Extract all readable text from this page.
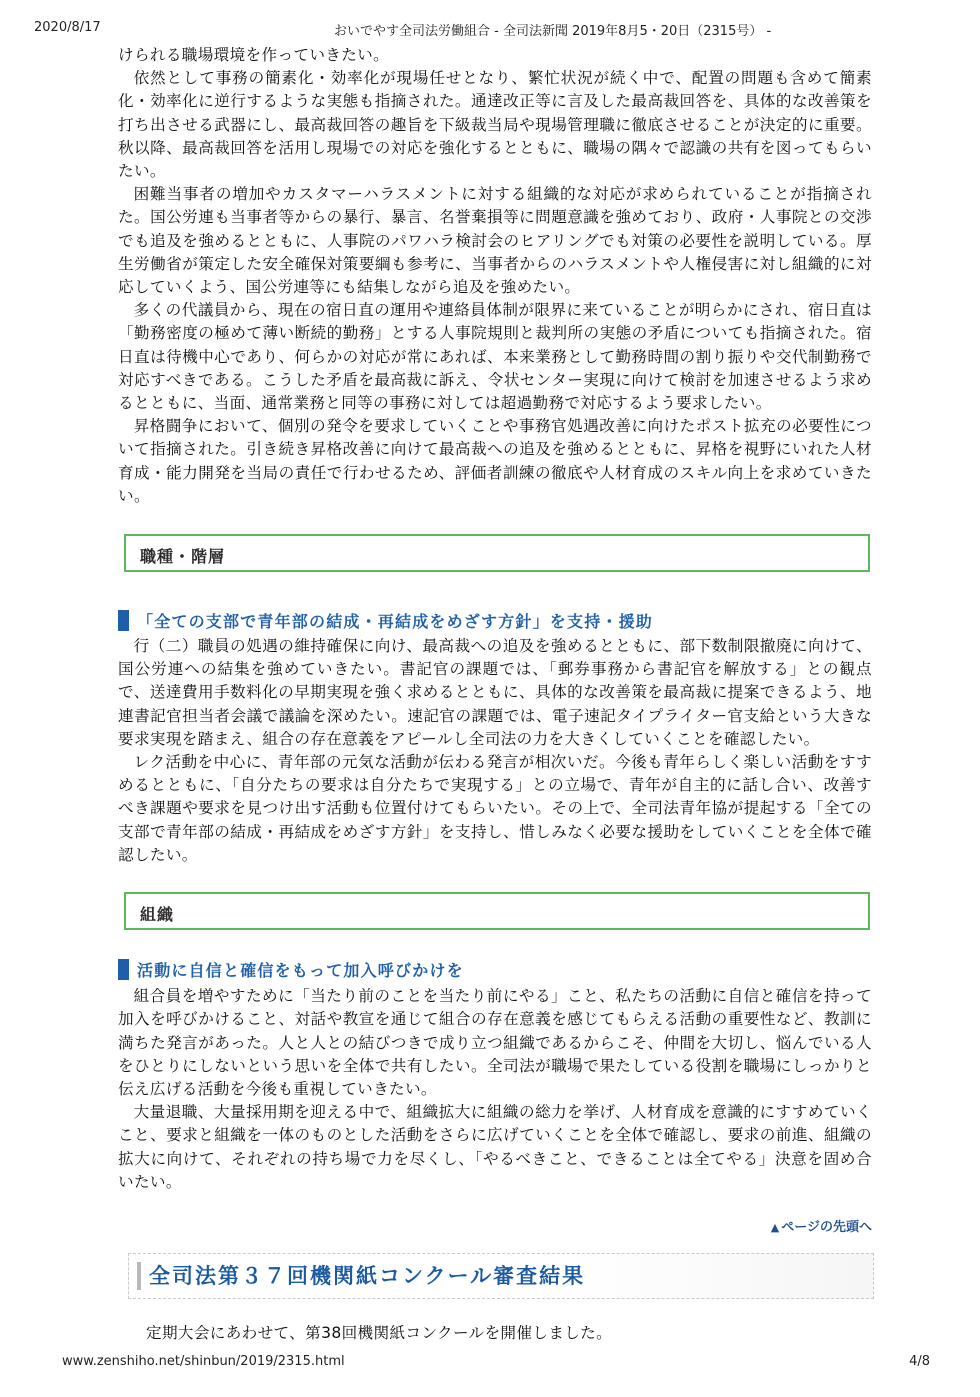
2020/8/17	おいでやす全司法労働組合 - 全司法新聞 2019年8月5・20日（2315号） -

けられる職場環境を作っていきたい。

依然として事務の簡素化・効率化が現場任せとなり、繁忙状況が続く中で、配置の問題も含めて簡素化・効率化に逆行するような実態も指摘された。通達改正等に言及した最高裁回答を、具体的な改善策を打ち出させる武器にし、最高裁回答の趣旨を下級裁当局や現場管理職に徹底させることが決定的に重要。秋以降、最高裁回答を活用し現場での対応を強化するとともに、職場の隅々で認識の共有を図ってもらいたい。

困難当事者の増加やカスタマーハラスメントに対する組織的な対応が求められていることが指摘された。国公労連も当事者等からの暴行、暴言、名誉棄損等に問題意識を強めており、政府・人事院との交渉でも追及を強めるとともに、人事院のパワハラ検討会のヒアリングでも対策の必要性を説明している。厚生労働省が策定した安全確保対策要綱も参考に、当事者からのハラスメントや人権侵害に対し組織的に対応していくよう、国公労連等にも結集しながら追及を強めたい。

多くの代議員から、現在の宿日直の運用や連絡員体制が限界に来ていることが明らかにされ、宿日直は「勤務密度の極めて薄い断続的勤務」とする人事院規則と裁判所の実態の矛盾についても指摘された。宿日直は待機中心であり、何らかの対応が常にあれば、本来業務として勤務時間の割り振りや交代制勤務で対応すべきである。こうした矛盾を最高裁に訴え、令状センター実現に向けて検討を加速させるよう求めるとともに、当面、通常業務と同等の事務に対しては超過勤務で対応するよう要求したい。

昇格闘争において、個別の発令を要求していくことや事務官処遇改善に向けたポスト拡充の必要性について指摘された。引き続き昇格改善に向けて最高裁への追及を強めるとともに、昇格を視野にいれた人材育成・能力開発を当局の責任で行わせるため、評価者訓練の徹底や人材育成のスキル向上を求めていきたい。

職種・階層
「全ての支部で青年部の結成・再結成をめざす方針」を支持・援助

行（二）職員の処遇の維持確保に向け、最高裁への追及を強めるとともに、部下数制限撤廃に向けて、国公労連への結集を強めていきたい。書記官の課題では、「郵券事務から書記官を解放する」との観点で、送達費用手数料化の早期実現を強く求めるとともに、具体的な改善策を最高裁に提案できるよう、地連書記官担当者会議で議論を深めたい。速記官の課題では、電子速記タイプライター官支給という大きな要求実現を踏まえ、組合の存在意義をアピールし全司法の力を大きくしていくことを確認したい。

レク活動を中心に、青年部の元気な活動が伝わる発言が相次いだ。今後も青年らしく楽しい活動をすすめるとともに、「自分たちの要求は自分たちで実現する」との立場で、青年が自主的に話し合い、改善すべき課題や要求を見つけ出す活動も位置付けてもらいたい。その上で、全司法青年協が提起する「全ての支部で青年部の結成・再結成をめざす方針」を支持し、惜しみなく必要な援助をしていくことを全体で確認したい。

組織
活動に自信と確信をもって加入呼びかけを

組合員を増やすために「当たり前のことを当たり前にやる」こと、私たちの活動に自信と確信を持って加入を呼びかけること、対話や教宣を通じて組合の存在意義を感じてもらえる活動の重要性など、教訓に満ちた発言があった。人と人との結びつきで成り立つ組織であるからこそ、仲間を大切し、悩んでいる人をひとりにしないという思いを全体で共有したい。全司法が職場で果たしている役割を職場にしっかりと伝え広げる活動を今後も重視していきたい。

大量退職、大量採用期を迎える中で、組織拡大に組織の総力を挙げ、人材育成を意識的にすすめていくこと、要求と組織を一体のものとした活動をさらに広げていくことを全体で確認し、要求の前進、組織の拡大に向けて、それぞれの持ち場で力を尽くし、「やるべきこと、できることは全てやる」決意を固め合いたい。

▲ ページの先頭へ
全司法第３７回機関紙コンクール審査結果

定期大会にあわせて、第38回機関紙コンクールを開催しました。

www.zenshiho.net/shinbun/2019/2315.html	4/8
